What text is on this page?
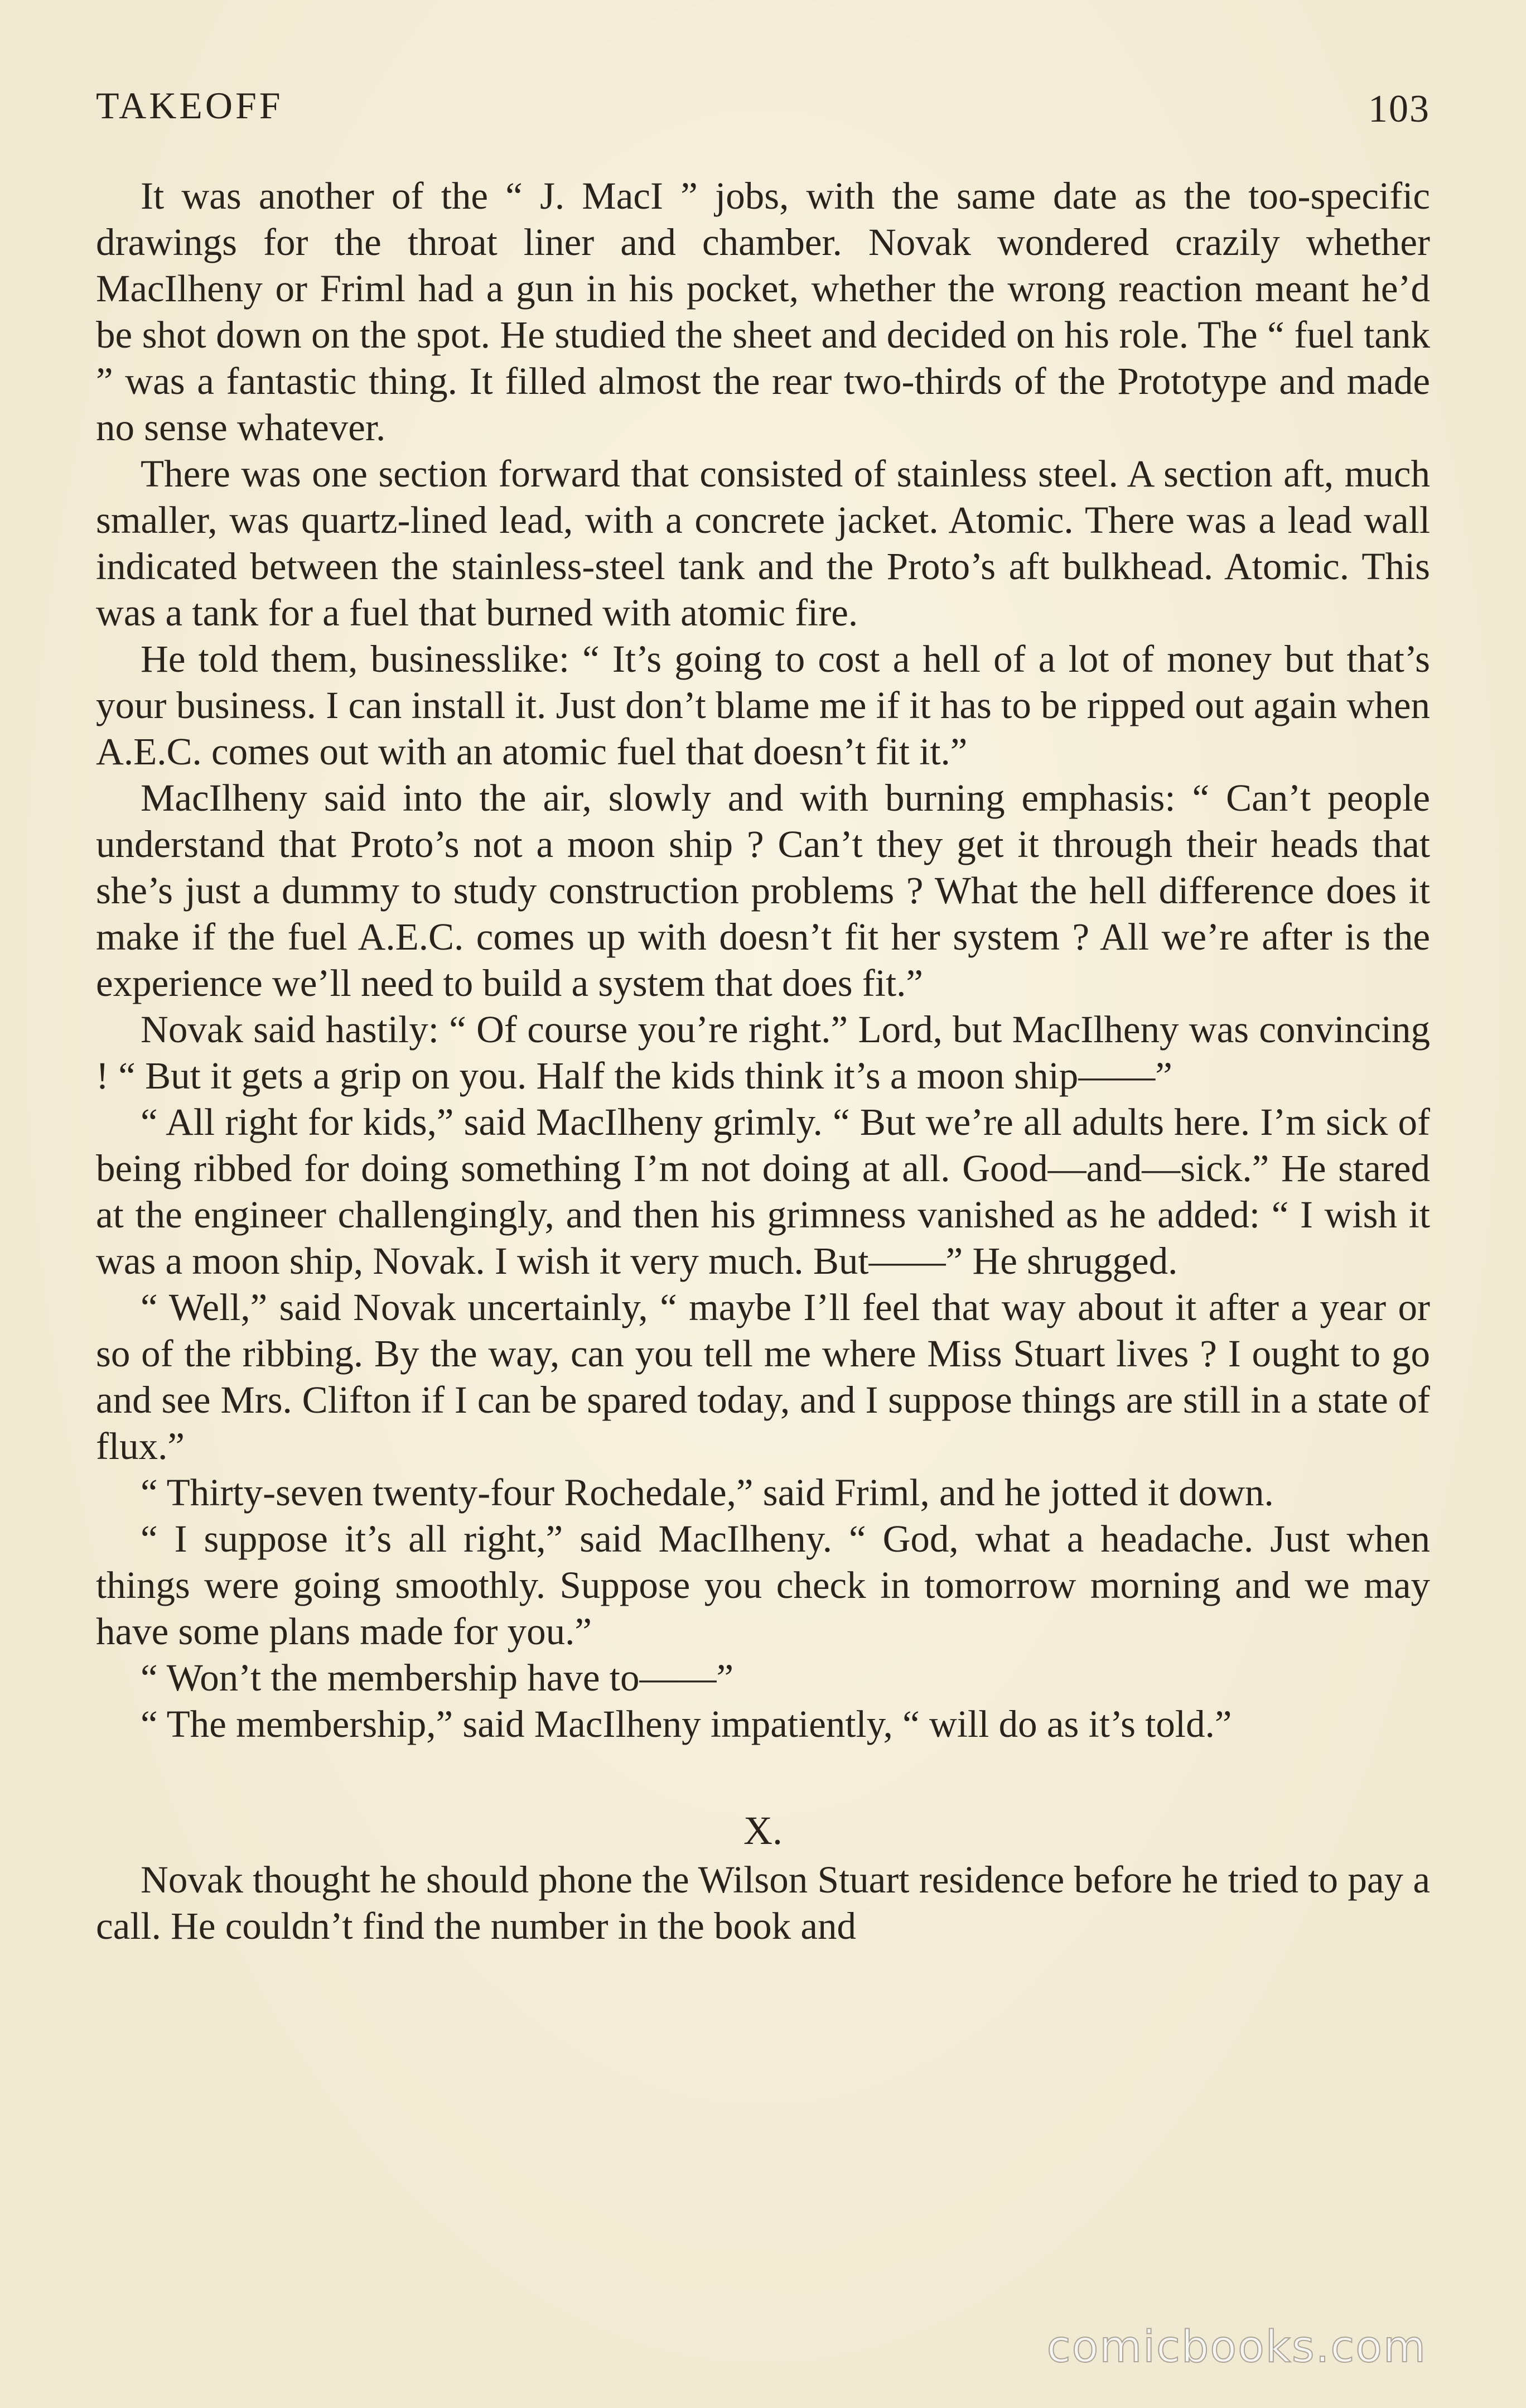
TAKEOFF	103

It was another of the “ J. MacI ” jobs, with the same date as the too-specific drawings for the throat liner and chamber. Novak wondered crazily whether MacIlheny or Friml had a gun in his pocket, whether the wrong reaction meant he’d be shot down on the spot. He studied the sheet and decided on his role. The “ fuel tank ” was a fantastic thing. It filled almost the rear two-thirds of the Prototype and made no sense whatever.

There was one section forward that consisted of stainless steel. A section aft, much smaller, was quartz-lined lead, with a concrete jacket. Atomic. There was a lead wall indicated between the stainless-steel tank and the Proto’s aft bulkhead. Atomic. This was a tank for a fuel that burned with atomic fire.

He told them, businesslike: “ It’s going to cost a hell of a lot of money but that’s your business. I can install it. Just don’t blame me if it has to be ripped out again when A.E.C. comes out with an atomic fuel that doesn’t fit it.”

MacIlheny said into the air, slowly and with burning emphasis: “ Can’t people understand that Proto’s not a moon ship ? Can’t they get it through their heads that she’s just a dummy to study construction problems ? What the hell difference does it make if the fuel A.E.C. comes up with doesn’t fit her system ? All we’re after is the experience we’ll need to build a system that does fit.”

Novak said hastily: “ Of course you’re right.” Lord, but MacIlheny was convincing ! “ But it gets a grip on you. Half the kids think it’s a moon ship——”

“ All right for kids,” said MacIlheny grimly. “ But we’re all adults here. I’m sick of being ribbed for doing something I’m not doing at all. Good—and—sick.” He stared at the engineer challengingly, and then his grimness vanished as he added: “ I wish it was a moon ship, Novak. I wish it very much. But——” He shrugged.

“ Well,” said Novak uncertainly, “ maybe I’ll feel that way about it after a year or so of the ribbing. By the way, can you tell me where Miss Stuart lives ? I ought to go and see Mrs. Clifton if I can be spared today, and I suppose things are still in a state of flux.”

“ Thirty-seven twenty-four Rochedale,” said Friml, and he jotted it down.

“ I suppose it’s all right,” said MacIlheny. “ God, what a headache. Just when things were going smoothly. Suppose you check in tomorrow morning and we may have some plans made for you.”

“ Won’t the membership have to——”

“ The membership,” said MacIlheny impatiently, “ will do as it’s told.”

X.

Novak thought he should phone the Wilson Stuart residence before he tried to pay a call. He couldn’t find the number in the book and

comicbooks.com
